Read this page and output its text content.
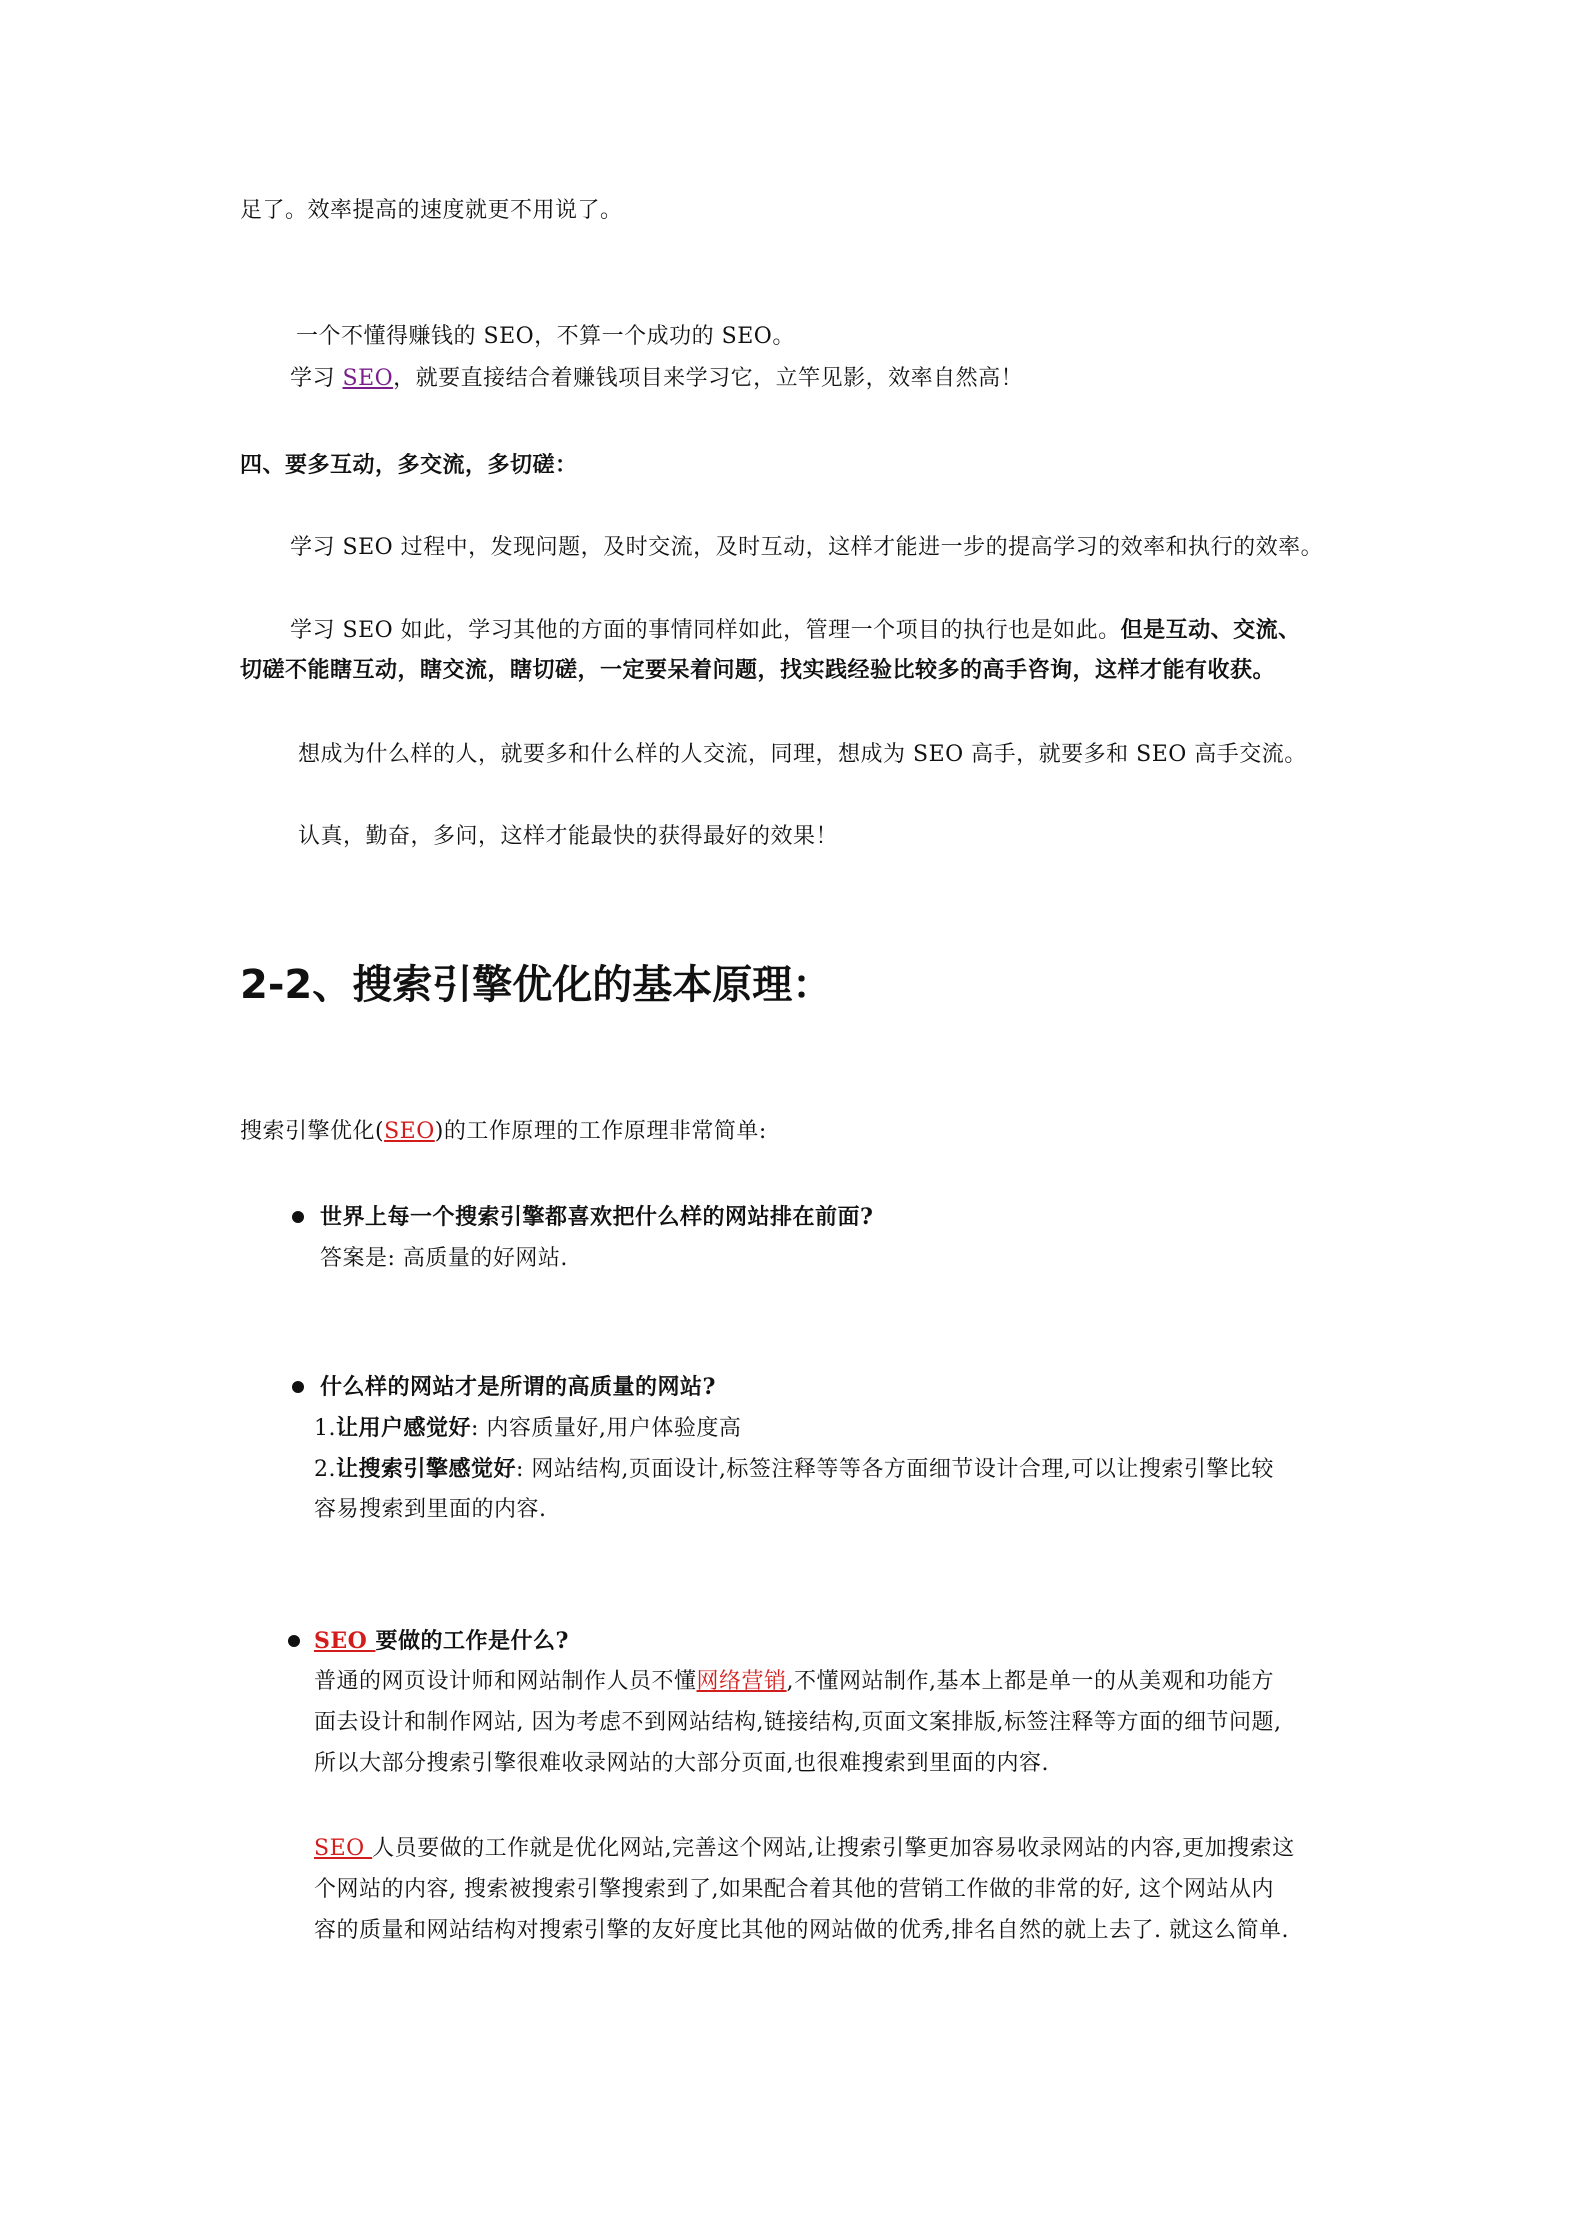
足了。效率提高的速度就更不用说了。
一个不懂得赚钱的 SEO，不算一个成功的 SEO。
学习 SEO，就要直接结合着赚钱项目来学习它，立竿见影，效率自然高！
四、要多互动，多交流，多切磋：
学习 SEO 过程中，发现问题，及时交流，及时互动，这样才能进一步的提高学习的效率和执行的效率。
学习 SEO 如此，学习其他的方面的事情同样如此，管理一个项目的执行也是如此。但是互动、交流、
切磋不能瞎互动，瞎交流，瞎切磋，一定要呆着问题，找实践经验比较多的高手咨询，这样才能有收获。
想成为什么样的人，就要多和什么样的人交流，同理，想成为 SEO 高手，就要多和 SEO 高手交流。
认真，勤奋，多问，这样才能最快的获得最好的效果！
2-2、搜索引擎优化的基本原理：
搜索引擎优化(SEO)的工作原理的工作原理非常简单:
世界上每一个搜索引擎都喜欢把什么样的网站排在前面?
答案是: 高质量的好网站.
什么样的网站才是所谓的高质量的网站?
1.让用户感觉好: 内容质量好,用户体验度高
2.让搜索引擎感觉好: 网站结构,页面设计,标签注释等等各方面细节设计合理,可以让搜索引擎比较
容易搜索到里面的内容.
SEO 要做的工作是什么?
普通的网页设计师和网站制作人员不懂网络营销,不懂网站制作,基本上都是单一的从美观和功能方
面去设计和制作网站, 因为考虑不到网站结构,链接结构,页面文案排版,标签注释等方面的细节问题,
所以大部分搜索引擎很难收录网站的大部分页面,也很难搜索到里面的内容.
SEO 人员要做的工作就是优化网站,完善这个网站,让搜索引擎更加容易收录网站的内容,更加搜索这
个网站的内容, 搜索被搜索引擎搜索到了,如果配合着其他的营销工作做的非常的好, 这个网站从内
容的质量和网站结构对搜索引擎的友好度比其他的网站做的优秀,排名自然的就上去了. 就这么简单.
